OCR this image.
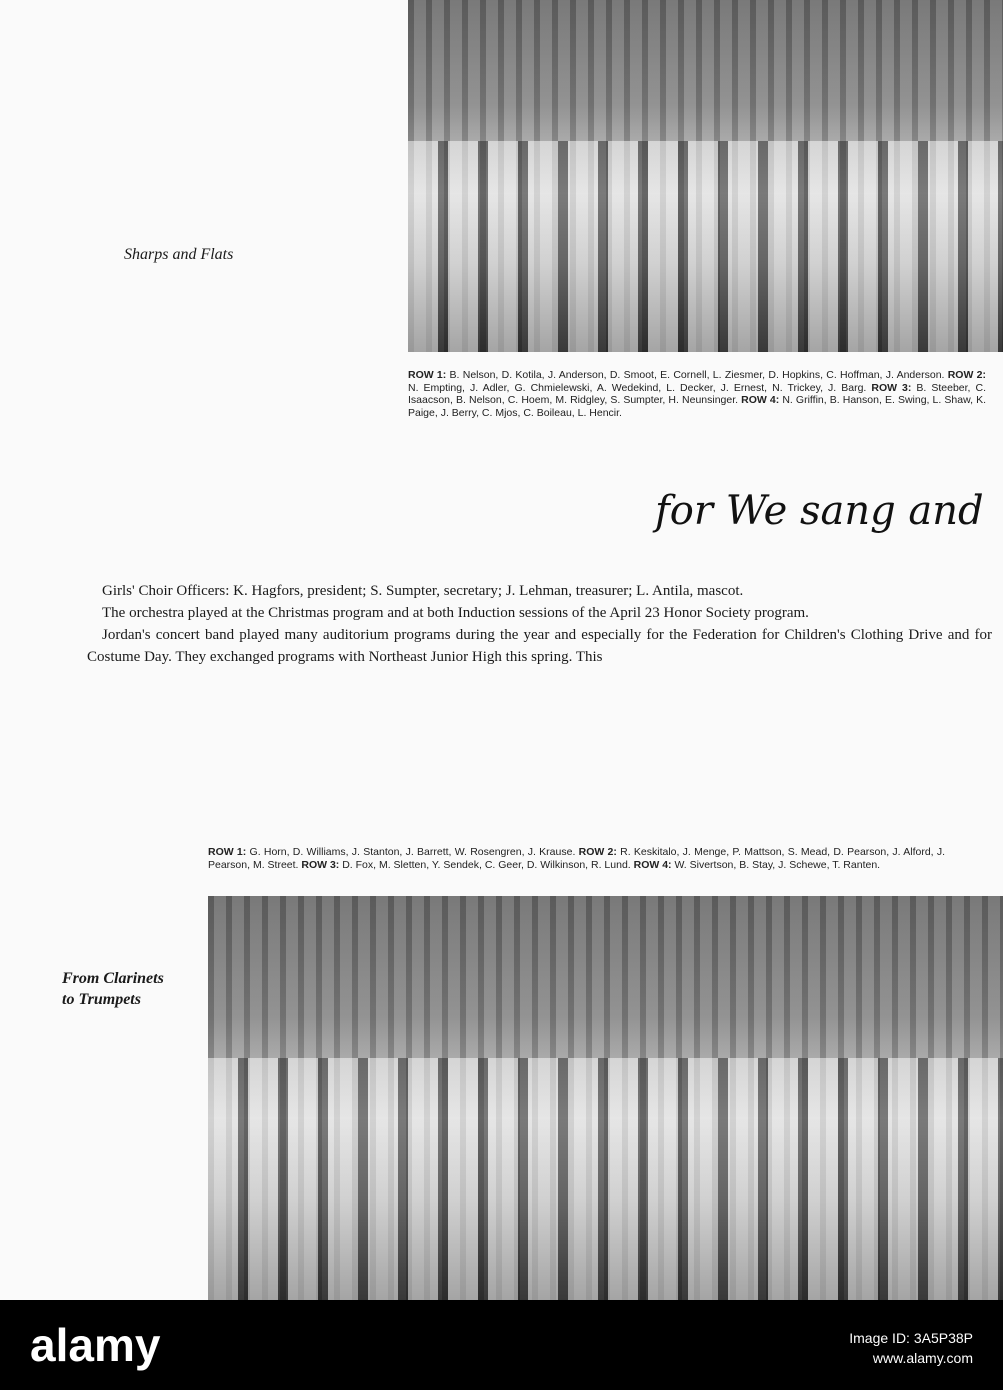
Sharps and Flats
ROW 1: B. Nelson, D. Kotila, J. Anderson, D. Smoot, E. Cornell, L. Ziesmer, D. Hopkins, C. Hoffman, J. Anderson. ROW 2: N. Empting, J. Adler, G. Chmielewski, A. Wedekind, L. Decker, J. Ernest, N. Trickey, J. Barg. ROW 3: B. Steeber, C. Isaacson, B. Nelson, C. Hoem, M. Ridgley, S. Sumpter, H. Neunsinger. ROW 4: N. Griffin, B. Hanson, E. Swing, L. Shaw, K. Paige, J. Berry, C. Mjos, C. Boileau, L. Hencir.
for We sang and

Girls' Choir Officers: K. Hagfors, president; S. Sumpter, secretary; J. Lehman, treasurer; L. Antila, mascot.

The orchestra played at the Christmas program and at both Induction sessions of the April 23 Honor Society program.

Jordan's concert band played many auditorium programs during the year and especially for the Federation for Children's Clothing Drive and for Costume Day. They exchanged programs with Northeast Junior High this spring. This

ROW 1: G. Horn, D. Williams, J. Stanton, J. Barrett, W. Rosengren, J. Krause. ROW 2: R. Keskitalo, J. Menge, P. Mattson, S. Mead, D. Pearson, J. Alford, J. Pearson, M. Street. ROW 3: D. Fox, M. Sletten, Y. Sendek, C. Geer, D. Wilkinson, R. Lund. ROW 4: W. Sivertson, B. Stay, J. Schewe, T. Ranten.
From Clarinets
to Trumpets
alamy	Image ID: 3A5P38P
www.alamy.com
